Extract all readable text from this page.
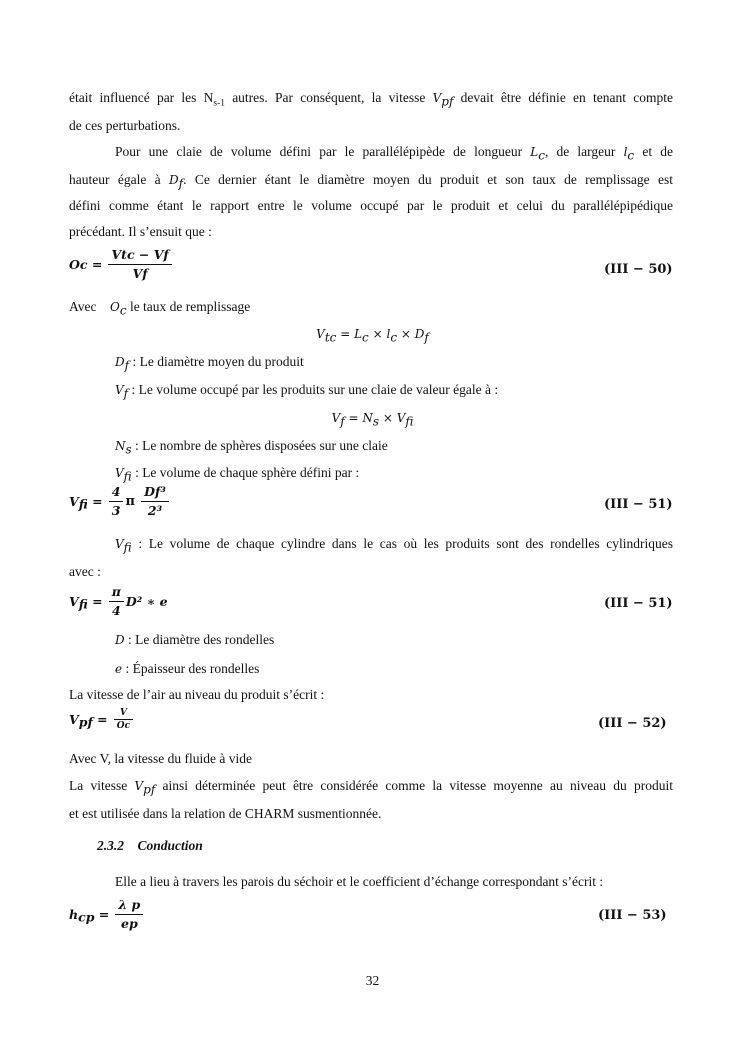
était influencé par les $N_{s-1}$ autres. Par conséquent, la vitesse $V_{pf}$ devait être définie en tenant compte
de ces perturbations.
Pour une claie de volume défini par le parallélépipède de longueur $L_c$, de largeur $l_c$ et de
hauteur égale à $D_f$. Ce dernier étant le diamètre moyen du produit et son taux de remplissage est
défini comme étant le rapport entre le volume occupé par le produit et celui du parallélépipédique
précédant. Il s’ensuit que :
$Oc = \frac{\text{Vtc − Vf}}{Vf}$	(III − 50)
Avec    $O_c$ le taux de remplissage
$V_{tc} = L_c \times l_c \times D_f$
$D_f$ : Le diamètre moyen du produit
$V_f$ : Le volume occupé par les produits sur une claie de valeur égale à :
$V_f = N_s \times V_{fi}$
$N_s$ : Le nombre de sphères disposées sur une claie
$V_{fi}$ : Le volume de chaque sphère défini par :
$V_{fi} = \frac{4}{3}$ π $\frac{\text{Df³}}{\text{2³}}$	(III − 51)
$V_{fi}$ : Le volume de chaque cylindre dans le cas où les produits sont des rondelles cylindriques
avec :
$V_{fi} = \frac{\pi}{4} D^2$ ∗ e	(III − 51)
D : Le diamètre des rondelles
e : Épaisseur des rondelles
La vitesse de l’air au niveau du produit s’écrit :
$V_{pf} = \frac{V}{Oc}$	(III − 52)
Avec V, la vitesse du fluide à vide
La vitesse $V_{pf}$ ainsi déterminée peut être considérée comme la vitesse moyenne au niveau du produit
et est utilisée dans la relation de CHARM susmentionnée.
2.3.2 Conduction
Elle a lieu à travers les parois du séchoir et le coefficient d’échange correspondant s’écrit :
$h_{cp} = \frac{\text{λ p}}{ep}$	(III − 53)
32
